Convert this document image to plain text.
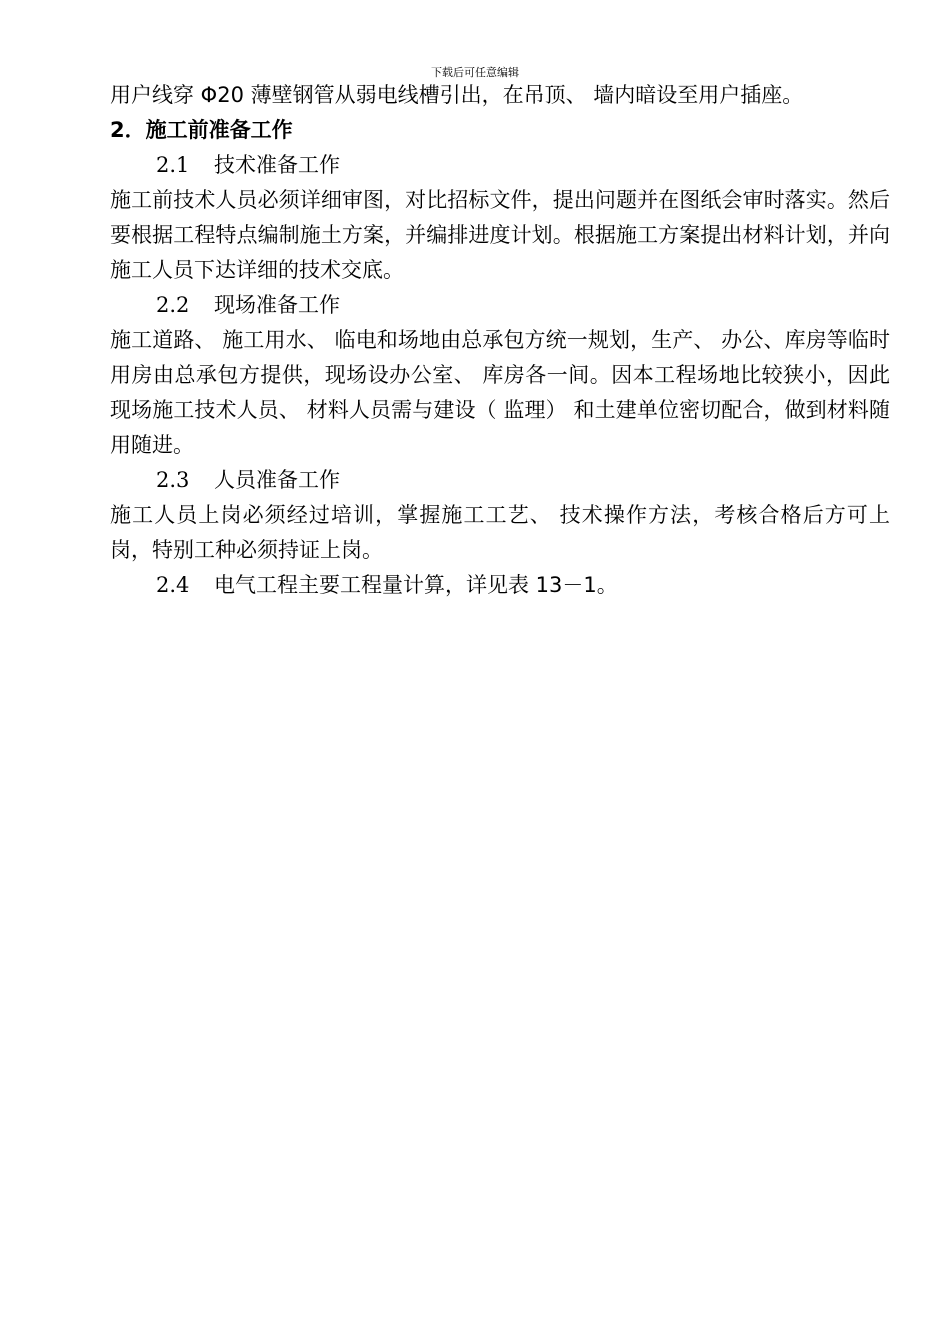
下载后可任意编辑

用户线穿 Φ20 薄壁钢管从弱电线槽引出，在吊顶、 墙内暗设至用户插座。

2．施工前准备工作

2.1 技术准备工作

施工前技术人员必须详细审图，对比招标文件，提出问题并在图纸会审时落实。然后要根据工程特点编制施土方案，并编排进度计划。根据施工方案提出材料计划，并向施工人员下达详细的技术交底。

2.2 现场准备工作

施工道路、 施工用水、 临电和场地由总承包方统一规划，生产、 办公、库房等临时用房由总承包方提供，现场设办公室、 库房各一间。因本工程场地比较狭小，因此现场施工技术人员、 材料人员需与建设（ 监理） 和土建单位密切配合，做到材料随用随进。

2.3 人员准备工作

施工人员上岗必须经过培训，掌握施工工艺、 技术操作方法，考核合格后方可上岗，特别工种必须持证上岗。

2.4 电气工程主要工程量计算，详见表 13－1。
